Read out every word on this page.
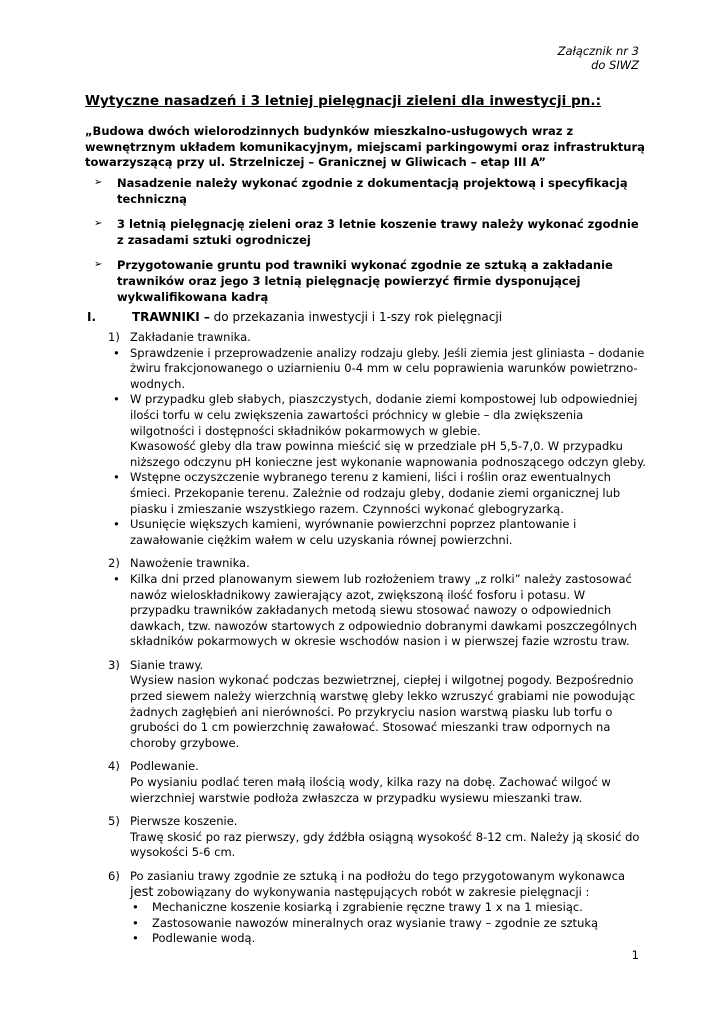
Załącznik nr 3
do SIWZ
Wytyczne nasadzeń i 3 letniej pielęgnacji zieleni dla inwestycji pn.:

„Budowa dwóch wielorodzinnych budynków mieszkalno-usługowych wraz z wewnętrznym układem komunikacyjnym, miejscami parkingowymi oraz infrastrukturą towarzyszącą przy ul. Strzelniczej – Granicznej w Gliwicach – etap III A”

➢ Nasadzenie należy wykonać zgodnie z dokumentacją projektową i specyfikacją techniczną
➢ 3 letnią pielęgnację zieleni oraz 3 letnie koszenie trawy należy wykonać zgodnie z zasadami sztuki ogrodniczej
➢ Przygotowanie gruntu pod trawniki wykonać zgodnie ze sztuką a zakładanie trawników oraz jego 3 letnią pielęgnację powierzyć firmie dysponującej wykwalifikowana kadrą
I.	TRAWNIKI – do przekazania inwestycji i 1-szy rok pielęgnacji
1) Zakładanie trawnika.
• Sprawdzenie i przeprowadzenie analizy rodzaju gleby. Jeśli ziemia jest gliniasta – dodanie żwiru frakcjonowanego o uziarnieniu 0-4 mm w celu poprawienia warunków powietrzno-wodnych.
• W przypadku gleb słabych, piaszczystych, dodanie ziemi kompostowej lub odpowiedniej ilości torfu w celu zwiększenia zawartości próchnicy w glebie – dla zwiększenia wilgotności i dostępności składników pokarmowych w glebie.
Kwasowość gleby dla traw powinna mieścić się w przedziale pH 5,5-7,0. W przypadku niższego odczynu pH konieczne jest wykonanie wapnowania podnoszącego odczyn gleby.
• Wstępne oczyszczenie wybranego terenu z kamieni, liści i roślin oraz ewentualnych śmieci. Przekopanie terenu. Zależnie od rodzaju gleby, dodanie ziemi organicznej lub piasku i zmieszanie wszystkiego razem. Czynności wykonać glebogryzarką.
• Usunięcie większych kamieni, wyrównanie powierzchni poprzez plantowanie i zawałowanie ciężkim wałem w celu uzyskania równej powierzchni.
2) Nawożenie trawnika.
• Kilka dni przed planowanym siewem lub rozłożeniem trawy „z rolki” należy zastosować nawóz wieloskładnikowy zawierający azot, zwiększoną ilość fosforu i potasu. W przypadku trawników zakładanych metodą siewu stosować nawozy o odpowiednich dawkach, tzw. nawozów startowych z odpowiednio dobranymi dawkami poszczególnych składników pokarmowych w okresie wschodów nasion i w pierwszej fazie wzrostu traw.
3) Sianie trawy.
Wysiew nasion wykonać podczas bezwietrznej, ciepłej i wilgotnej pogody. Bezpośrednio przed siewem należy wierzchnią warstwę gleby lekko wzruszyć grabiami nie powodując żadnych zagłębień ani nierówności. Po przykryciu nasion warstwą piasku lub torfu o grubości do 1 cm powierzchnię zawałować. Stosować mieszanki traw odpornych na choroby grzybowe.
4) Podlewanie.
Po wysianiu podlać teren małą ilością wody, kilka razy na dobę. Zachować wilgoć w wierzchniej warstwie podłoża zwłaszcza w przypadku wysiewu mieszanki traw.
5) Pierwsze koszenie.
Trawę skosić po raz pierwszy, gdy źdźbła osiągną wysokość 8-12 cm. Należy ją skosić do wysokości 5-6 cm.
6) Po zasianiu trawy zgodnie ze sztuką i na podłożu do tego przygotowanym wykonawca jest zobowiązany do wykonywania następujących robót w zakresie pielęgnacji :
• Mechaniczne koszenie kosiarką i zgrabienie ręczne trawy 1 x na 1 miesiąc.
• Zastosowanie nawozów mineralnych oraz wysianie trawy – zgodnie ze sztuką
• Podlewanie wodą.
1
